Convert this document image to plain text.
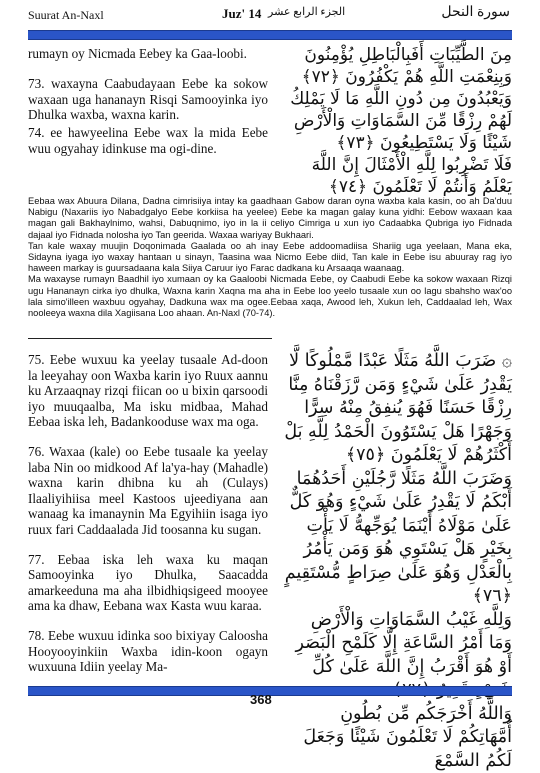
Suurat An-Naxl	Juz' 14 الجزء الرابع عشر	سورة النحل

rumayn oy Nicmada Eebey ka Gaa-loobi.

73. waxayna Caabudayaan Eebe ka sokow waxaan uga hananayn Risqi Samooyinka iyo Dhulka waxba, waxna karin.

74. ee hawyeelina Eebe wax la mida Eebe wuu ogyahay idinkuse ma ogi-dine.

مِنَ الطَّيِّبَاتِ أَفَبِالْبَاطِلِ يُؤْمِنُونَ وَبِنِعْمَتِ اللَّهِ هُمْ يَكْفُرُونَ ﴿٧٢﴾

وَيَعْبُدُونَ مِن دُونِ اللَّهِ مَا لَا يَمْلِكُ لَهُمْ رِزْقًا مِّنَ السَّمَاوَاتِ وَالْأَرْضِ شَيْئًا وَلَا يَسْتَطِيعُونَ ﴿٧٣﴾

فَلَا تَضْرِبُوا لِلَّهِ الْأَمْثَالَ إِنَّ اللَّهَ يَعْلَمُ وَأَنتُمْ لَا تَعْلَمُونَ ﴿٧٤﴾

Eebaa wax Abuura Dilana, Dadna cimrisiiya intay ka gaadhaan Gabow daran oyna waxba kala kasin, oo ah Da'duu Nabigu (Naxariis iyo Nabadgalyo Eebe korkiisa ha yeelee) Eebe ka magan galay kuna yidhi: Eebow waxaan kaa magan gali Bakhaylnimo, wahsi, Dabuqnimo, iyo in la ii celiyo Cimriga u xun iyo Cadaabka Qubriga iyo Fidnada dajaal iyo Fidnada nolosha iyo Tan geerida. Waxaa wariyay Bukhaari.

Tan kale waxay muujin Doqonimada Gaalada oo ah inay Eebe addoomadiisa Shariig uga yeelaan, Mana eka, Sidayna iyaga iyo waxay hantaan u sinayn, Taasina waa Nicmo Eebe diid, Tan kale in Eebe isu abuuray rag iyo haween markay is guursadaana kala Siiya Caruur iyo Farac dadkana ku Arsaaqa waanaag.

Ma waxayse rumayn Baadhil iyo xumaan oy ka Gaaloobi Nicmada Eebe, oy Caabudi Eebe ka sokow waxaan Rizqi ugu Hananayn cirka iyo dhulka, Waxna karin Xaqna ma aha in Eebe loo yeelo tusaale xun oo lagu sbahsho wax'oo lala simo'illeen waxbuu ogyahay, Dadkuna wax ma ogee.Eebaa xaqa, Awood leh, Xukun leh, Caddaalad leh, Wax nooleeya waxna dila Xagiisana Loo ahaan. An-Naxl (70-74).

75. Eebe wuxuu ka yeelay tusaale Ad-doon la leeyahay oon Waxba karin iyo Ruux aannu ku Arzaaqnay rizqi fiican oo u bixin qarsoodi iyo muuqaalba, Ma isku midbaa, Mahad Eebaa iska leh, Badankooduse wax ma oga.

76. Waxaa (kale) oo Eebe tusaale ka yeelay laba Nin oo midkood Af la'ya-hay (Mahadle) waxna karin dhibna ku ah (Culays) Ilaaliyihiisa meel Kastoos ujeediyana aan wanaag ka imanaynin Ma Egyihiin isaga iyo ruux fari Caddaalada Jid toosanna ku sugan.

77. Eebaa iska leh waxa ku maqan Samooyinka iyo Dhulka, Saacadda amarkeeduna ma aha ilbidhiqsigeed mooyee ama ka dhaw, Eebana wax Kasta wuu karaa.

78. Eebe wuxuu idinka soo bixiyay Caloosha Hooyooyinkiin Waxba idin-koon ogayn wuxuuna Idiin yeelay Ma-

۞ ضَرَبَ اللَّهُ مَثَلًا عَبْدًا مَّمْلُوكًا لَّا يَقْدِرُ عَلَىٰ شَيْءٍ وَمَن رَّزَقْنَاهُ مِنَّا رِزْقًا حَسَنًا فَهُوَ يُنفِقُ مِنْهُ سِرًّا وَجَهْرًا هَلْ يَسْتَوُونَ الْحَمْدُ لِلَّهِ بَلْ أَكْثَرُهُمْ لَا يَعْلَمُونَ ﴿٧٥﴾

وَضَرَبَ اللَّهُ مَثَلًا رَّجُلَيْنِ أَحَدُهُمَا أَبْكَمُ لَا يَقْدِرُ عَلَىٰ شَيْءٍ وَهُوَ كَلٌّ عَلَىٰ مَوْلَاهُ أَيْنَمَا يُوَجِّههُّ لَا يَأْتِ بِخَيْرٍ هَلْ يَسْتَوِي هُوَ وَمَن يَأْمُرُ بِالْعَدْلِ وَهُوَ عَلَىٰ صِرَاطٍ مُّسْتَقِيمٍ ﴿٧٦﴾

وَلِلَّهِ غَيْبُ السَّمَاوَاتِ وَالْأَرْضِ وَمَا أَمْرُ السَّاعَةِ إِلَّا كَلَمْحِ الْبَصَرِ أَوْ هُوَ أَقْرَبُ إِنَّ اللَّهَ عَلَىٰ كُلِّ

وَاللَّهُ أَخْرَجَكُم مِّن بُطُونِ أُمَّهَاتِكُمْ لَا تَعْلَمُونَ شَيْئًا وَجَعَلَ لَكُمُ السَّمْعَ

368
